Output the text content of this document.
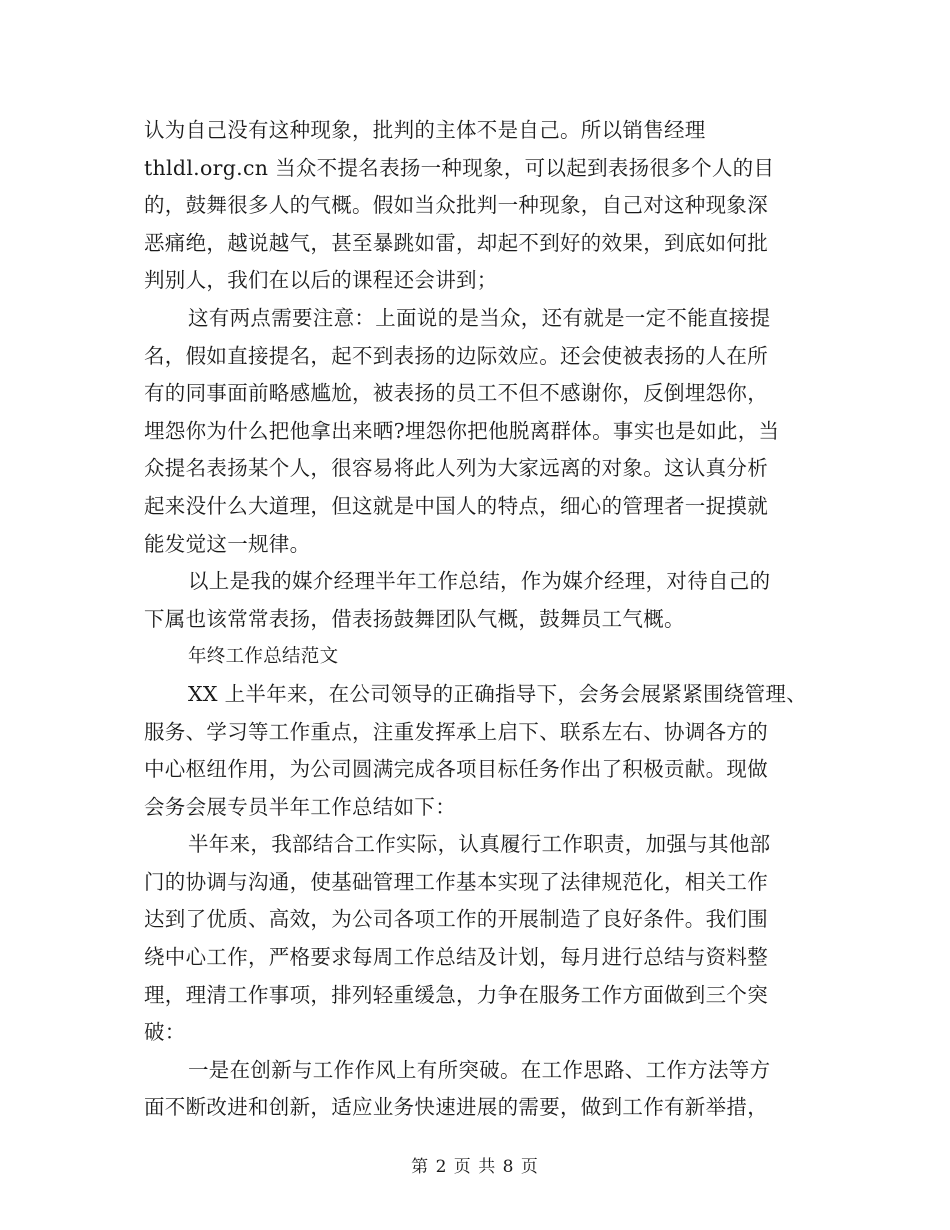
认为自己没有这种现象，批判的主体不是自己。所以销售经理
thldl.org.cn 当众不提名表扬一种现象，可以起到表扬很多个人的目
的，鼓舞很多人的气概。假如当众批判一种现象，自己对这种现象深
恶痛绝，越说越气，甚至暴跳如雷，却起不到好的效果，到底如何批
判别人，我们在以后的课程还会讲到；
这有两点需要注意：上面说的是当众，还有就是一定不能直接提
名，假如直接提名，起不到表扬的边际效应。还会使被表扬的人在所
有的同事面前略感尴尬，被表扬的员工不但不感谢你，反倒埋怨你，
埋怨你为什么把他拿出来晒?埋怨你把他脱离群体。事实也是如此，当
众提名表扬某个人，很容易将此人列为大家远离的对象。这认真分析
起来没什么大道理，但这就是中国人的特点，细心的管理者一捉摸就
能发觉这一规律。
以上是我的媒介经理半年工作总结，作为媒介经理，对待自己的
下属也该常常表扬，借表扬鼓舞团队气概，鼓舞员工气概。
年终工作总结范文
XX 上半年来，在公司领导的正确指导下，会务会展紧紧围绕管理、
服务、学习等工作重点，注重发挥承上启下、联系左右、协调各方的
中心枢纽作用，为公司圆满完成各项目标任务作出了积极贡献。现做
会务会展专员半年工作总结如下：
半年来，我部结合工作实际，认真履行工作职责，加强与其他部
门的协调与沟通，使基础管理工作基本实现了法律规范化，相关工作
达到了优质、高效，为公司各项工作的开展制造了良好条件。我们围
绕中心工作，严格要求每周工作总结及计划，每月进行总结与资料整
理，理清工作事项，排列轻重缓急，力争在服务工作方面做到三个突
破：
一是在创新与工作作风上有所突破。在工作思路、工作方法等方
面不断改进和创新，适应业务快速进展的需要，做到工作有新举措，
第 2 页 共 8 页
